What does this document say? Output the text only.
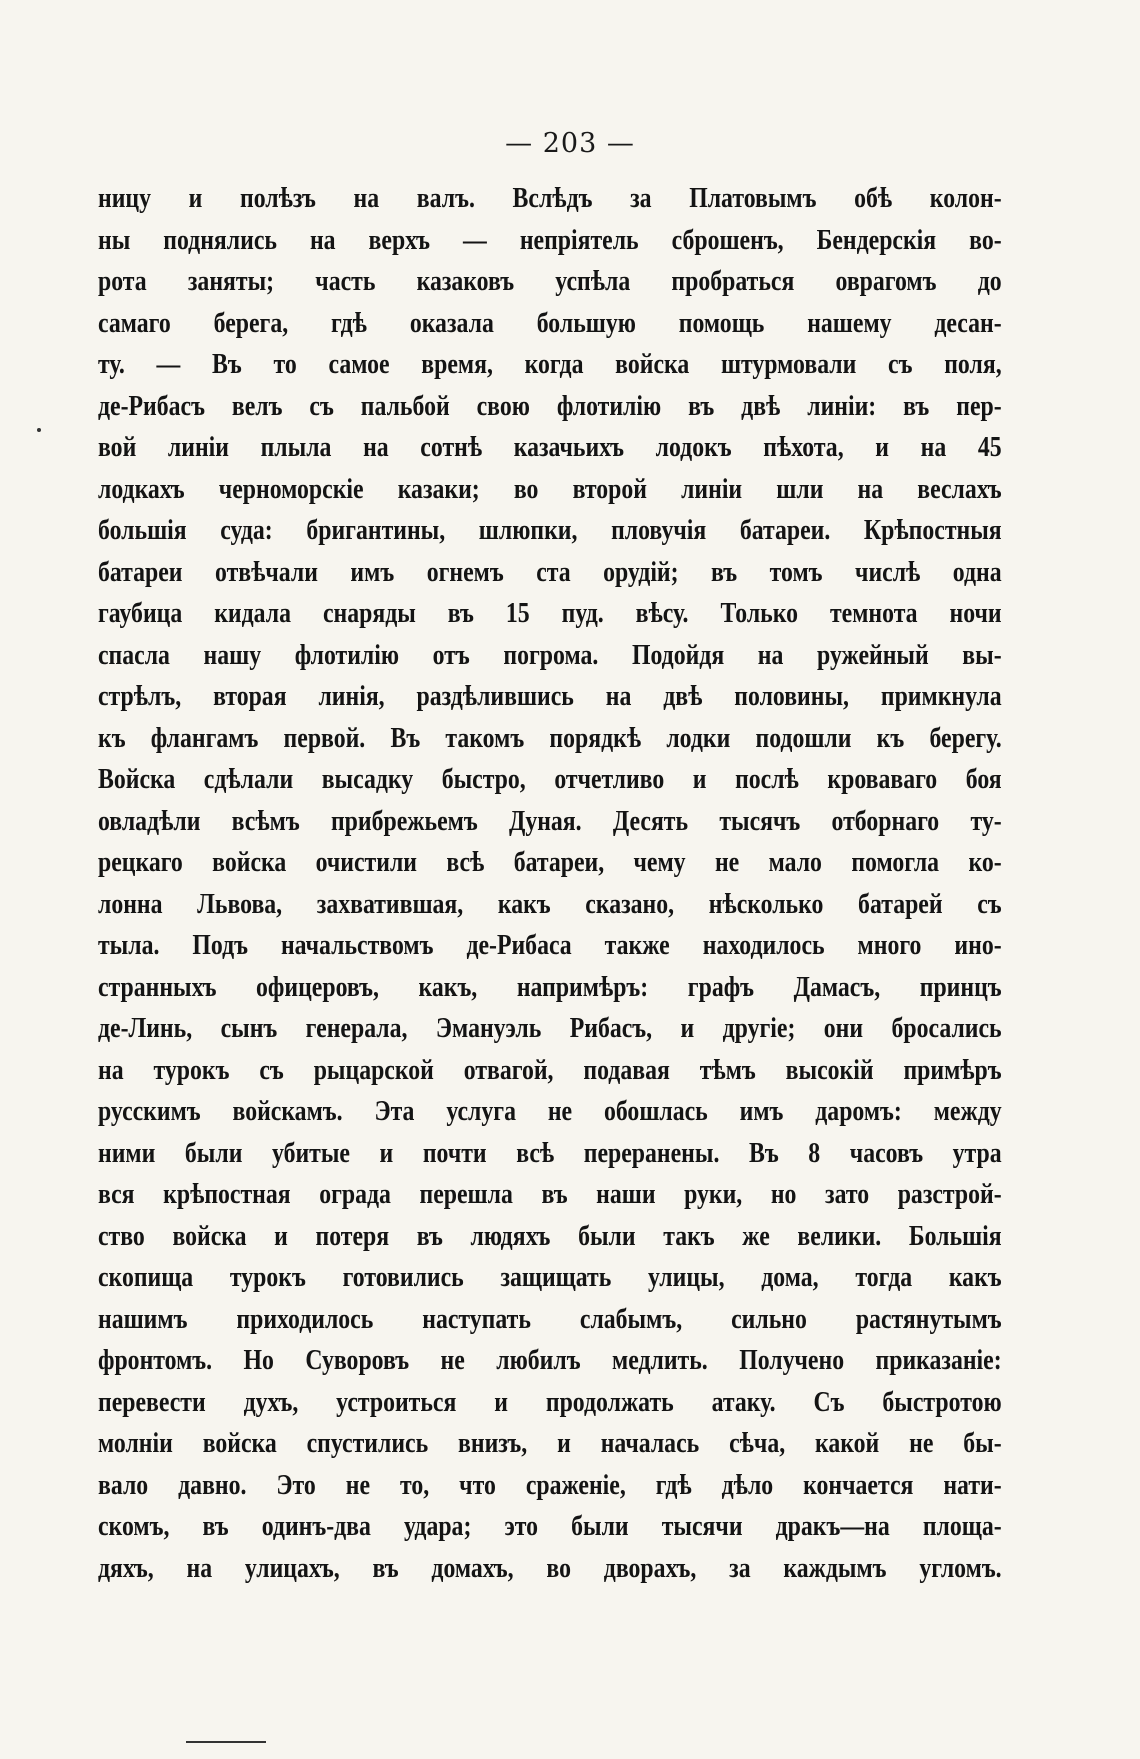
— 203 —
ницу и полѣзъ на валъ. Вслѣдъ за Платовымъ обѣ колон-
ны поднялись на верхъ — непріятель сброшенъ, Бендерскія во-
рота заняты; часть казаковъ успѣла пробраться оврагомъ до
самаго берега, гдѣ оказала большую помощь нашему десан-
ту. — Въ то самое время, когда войска штурмовали съ поля,
де-Рибасъ велъ съ пальбой свою флотилію въ двѣ линіи: въ пер-
вой линіи плыла на сотнѣ казачьихъ лодокъ пѣхота, и на 45
лодкахъ черноморскіе казаки; во второй линіи шли на веслахъ
большія суда: бригантины, шлюпки, пловучія батареи. Крѣпостныя
батареи отвѣчали имъ огнемъ ста орудій; въ томъ числѣ одна
гаубица кидала снаряды въ 15 пуд. вѣсу. Только темнота ночи
спасла нашу флотилію отъ погрома. Подойдя на ружейный вы-
стрѣлъ, вторая линія, раздѣлившись на двѣ половины, примкнула
къ флангамъ первой. Въ такомъ порядкѣ лодки подошли къ берегу.
Войска сдѣлали высадку быстро, отчетливо и послѣ кроваваго боя
овладѣли всѣмъ прибрежьемъ Дуная. Десять тысячъ отборнаго ту-
рецкаго войска очистили всѣ батареи, чему не мало помогла ко-
лонна Львова, захватившая, какъ сказано, нѣсколько батарей съ
тыла. Подъ начальствомъ де-Рибаса также находилось много ино-
странныхъ офицеровъ, какъ, напримѣръ: графъ Дамасъ, принцъ
де-Линь, сынъ генерала, Эмануэль Рибасъ, и другіе; они бросались
на турокъ съ рыцарской отвагой, подавая тѣмъ высокій примѣръ
русскимъ войскамъ. Эта услуга не обошлась имъ даромъ: между
ними были убитые и почти всѣ переранены. Въ 8 часовъ утра
вся крѣпостная ограда перешла въ наши руки, но зато разстрой-
ство войска и потеря въ людяхъ были такъ же велики. Большія
скопища турокъ готовились защищать улицы, дома, тогда какъ
нашимъ приходилось наступать слабымъ, сильно растянутымъ
фронтомъ. Но Суворовъ не любилъ медлить. Получено приказаніе:
перевести духъ, устроиться и продолжать атаку. Съ быстротою
молніи войска спустились внизъ, и началась сѣча, какой не бы-
вало давно. Это не то, что сраженіе, гдѣ дѣло кончается нати-
скомъ, въ одинъ-два удара; это были тысячи дракъ—на площа-
дяхъ, на улицахъ, въ домахъ, во дворахъ, за каждымъ угломъ.
